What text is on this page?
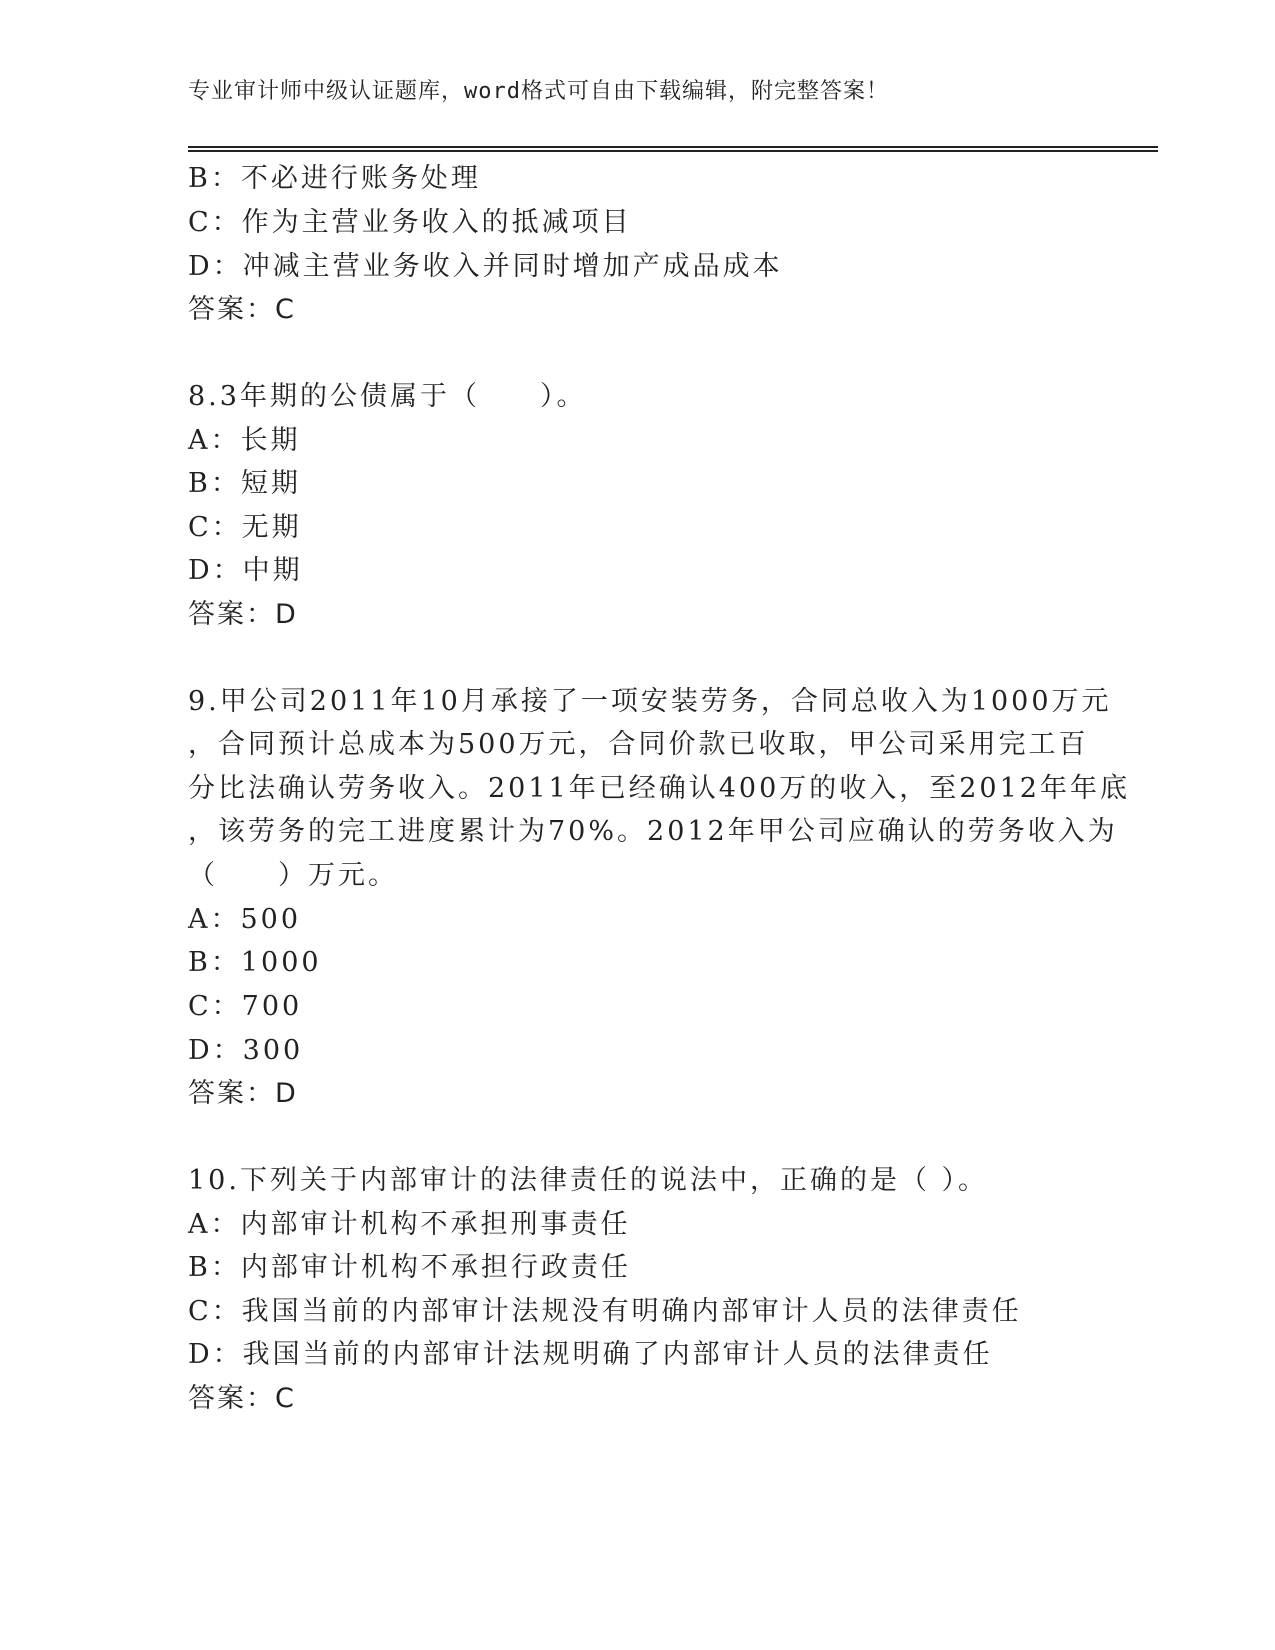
专业审计师中级认证题库，word格式可自由下载编辑，附完整答案！
B：不必进行账务处理
C：作为主营业务收入的抵减项目
D：冲减主营业务收入并同时增加产成品成本
答案：C
8.3年期的公债属于（　　）。
A：长期
B：短期
C：无期
D：中期
答案：D
9.甲公司2011年10月承接了一项安装劳务，合同总收入为1000万元
，合同预计总成本为500万元，合同价款已收取，甲公司采用完工百
分比法确认劳务收入。2011年已经确认400万的收入，至2012年年底
，该劳务的完工进度累计为70%。2012年甲公司应确认的劳务收入为
（　　）万元。
A：500
B：1000
C：700
D：300
答案：D
10.下列关于内部审计的法律责任的说法中，正确的是（ ）。
A：内部审计机构不承担刑事责任
B：内部审计机构不承担行政责任
C：我国当前的内部审计法规没有明确内部审计人员的法律责任
D：我国当前的内部审计法规明确了内部审计人员的法律责任
答案：C
